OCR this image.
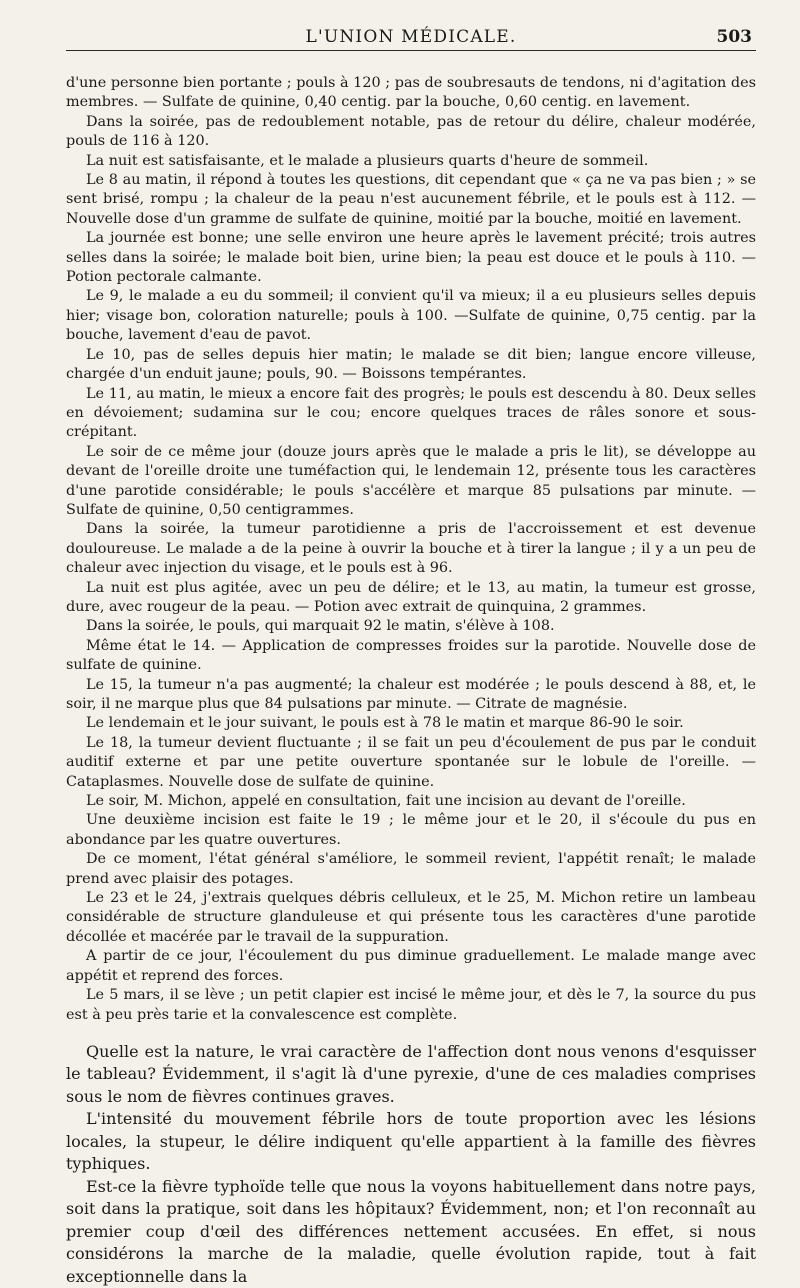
L'UNION MÉDICALE.	503

d'une personne bien portante ; pouls à 120 ; pas de soubresauts de tendons, ni d'agitation des membres. — Sulfate de quinine, 0,40 centig. par la bouche, 0,60 centig. en lavement.

Dans la soirée, pas de redoublement notable, pas de retour du délire, chaleur modérée, pouls de 116 à 120.

La nuit est satisfaisante, et le malade a plusieurs quarts d'heure de sommeil.

Le 8 au matin, il répond à toutes les questions, dit cependant que « ça ne va pas bien ; » se sent brisé, rompu ; la chaleur de la peau n'est aucunement fébrile, et le pouls est à 112. — Nouvelle dose d'un gramme de sulfate de quinine, moitié par la bouche, moitié en lavement.

La journée est bonne; une selle environ une heure après le lavement précité; trois autres selles dans la soirée; le malade boit bien, urine bien; la peau est douce et le pouls à 110. — Potion pectorale calmante.

Le 9, le malade a eu du sommeil; il convient qu'il va mieux; il a eu plusieurs selles depuis hier; visage bon, coloration naturelle; pouls à 100. —Sulfate de quinine, 0,75 centig. par la bouche, lavement d'eau de pavot.

Le 10, pas de selles depuis hier matin; le malade se dit bien; langue encore villeuse, chargée d'un enduit jaune; pouls, 90. — Boissons tempérantes.

Le 11, au matin, le mieux a encore fait des progrès; le pouls est descendu à 80. Deux selles en dévoiement; sudamina sur le cou; encore quelques traces de râles sonore et sous-crépitant.

Le soir de ce même jour (douze jours après que le malade a pris le lit), se développe au devant de l'oreille droite une tuméfaction qui, le lendemain 12, présente tous les caractères d'une parotide considérable; le pouls s'accélère et marque 85 pulsations par minute. — Sulfate de quinine, 0,50 centigrammes.

Dans la soirée, la tumeur parotidienne a pris de l'accroissement et est devenue douloureuse. Le malade a de la peine à ouvrir la bouche et à tirer la langue ; il y a un peu de chaleur avec injection du visage, et le pouls est à 96.

La nuit est plus agitée, avec un peu de délire; et le 13, au matin, la tumeur est grosse, dure, avec rougeur de la peau. — Potion avec extrait de quinquina, 2 grammes.

Dans la soirée, le pouls, qui marquait 92 le matin, s'élève à 108.

Même état le 14. — Application de compresses froides sur la parotide. Nouvelle dose de sulfate de quinine.

Le 15, la tumeur n'a pas augmenté; la chaleur est modérée ; le pouls descend à 88, et, le soir, il ne marque plus que 84 pulsations par minute. — Citrate de magnésie.

Le lendemain et le jour suivant, le pouls est à 78 le matin et marque 86-90 le soir.

Le 18, la tumeur devient fluctuante ; il se fait un peu d'écoulement de pus par le conduit auditif externe et par une petite ouverture spontanée sur le lobule de l'oreille. — Cataplasmes. Nouvelle dose de sulfate de quinine.

Le soir, M. Michon, appelé en consultation, fait une incision au devant de l'oreille.

Une deuxième incision est faite le 19 ; le même jour et le 20, il s'écoule du pus en abondance par les quatre ouvertures.

De ce moment, l'état général s'améliore, le sommeil revient, l'appétit renaît; le malade prend avec plaisir des potages.

Le 23 et le 24, j'extrais quelques débris celluleux, et le 25, M. Michon retire un lambeau considérable de structure glanduleuse et qui présente tous les caractères d'une parotide décollée et macérée par le travail de la suppuration.

A partir de ce jour, l'écoulement du pus diminue graduellement. Le malade mange avec appétit et reprend des forces.

Le 5 mars, il se lève ; un petit clapier est incisé le même jour, et dès le 7, la source du pus est à peu près tarie et la convalescence est complète.

Quelle est la nature, le vrai caractère de l'affection dont nous venons d'esquisser le tableau? Évidemment, il s'agit là d'une pyrexie, d'une de ces maladies comprises sous le nom de fièvres continues graves.

L'intensité du mouvement fébrile hors de toute proportion avec les lésions locales, la stupeur, le délire indiquent qu'elle appartient à la famille des fièvres typhiques.

Est-ce la fièvre typhoïde telle que nous la voyons habituellement dans notre pays, soit dans la pratique, soit dans les hôpitaux? Évidemment, non; et l'on reconnaît au premier coup d'œil des différences nettement accusées. En effet, si nous considérons la marche de la maladie, quelle évolution rapide, tout à fait exceptionnelle dans la
